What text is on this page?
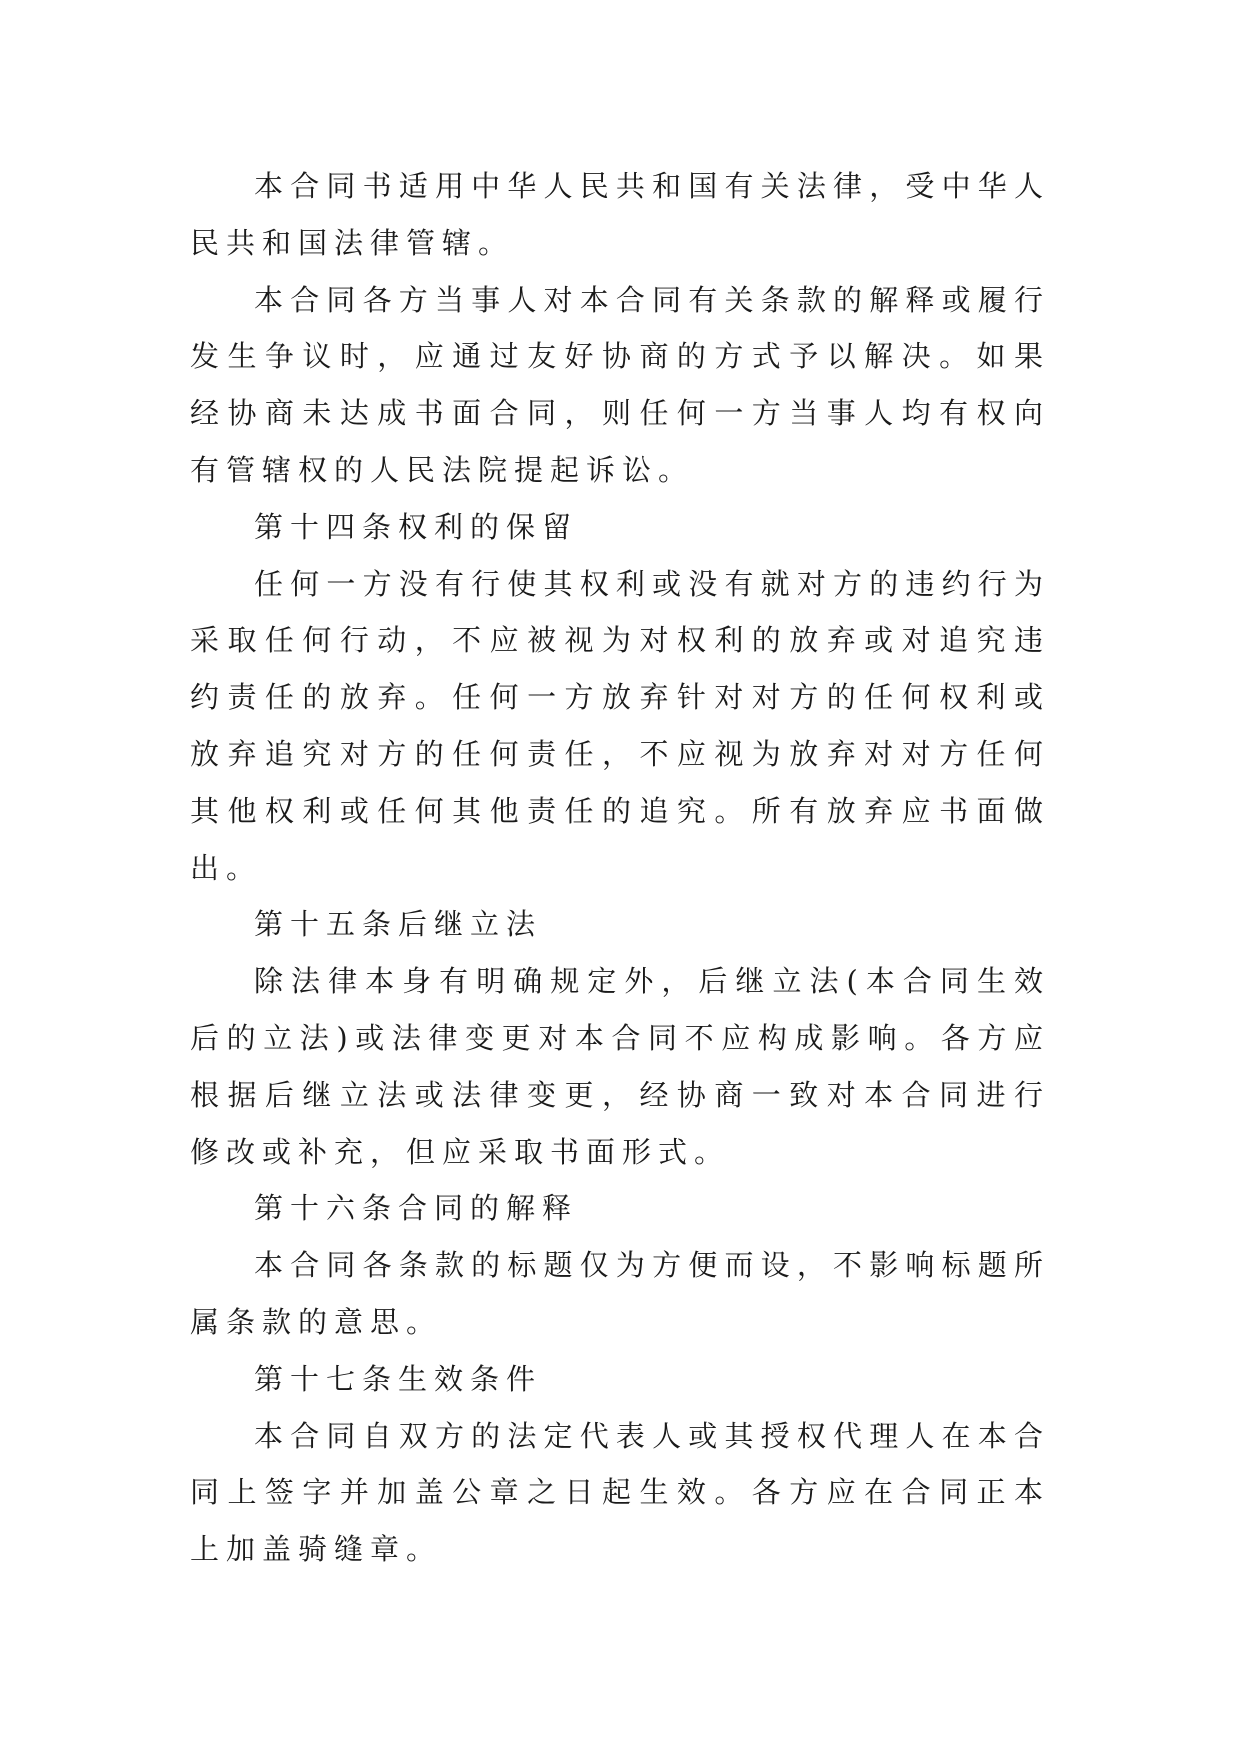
本合同书适用中华人民共和国有关法律，受中华人民共和国法律管辖。

本合同各方当事人对本合同有关条款的解释或履行发生争议时，应通过友好协商的方式予以解决。如果经协商未达成书面合同，则任何一方当事人均有权向有管辖权的人民法院提起诉讼。

第十四条权利的保留

任何一方没有行使其权利或没有就对方的违约行为采取任何行动，不应被视为对权利的放弃或对追究违约责任的放弃。任何一方放弃针对对方的任何权利或放弃追究对方的任何责任，不应视为放弃对对方任何其他权利或任何其他责任的追究。所有放弃应书面做出。

第十五条后继立法

除法律本身有明确规定外，后继立法(本合同生效后的立法)或法律变更对本合同不应构成影响。各方应根据后继立法或法律变更，经协商一致对本合同进行修改或补充，但应采取书面形式。

第十六条合同的解释

本合同各条款的标题仅为方便而设，不影响标题所属条款的意思。

第十七条生效条件

本合同自双方的法定代表人或其授权代理人在本合同上签字并加盖公章之日起生效。各方应在合同正本上加盖骑缝章。
